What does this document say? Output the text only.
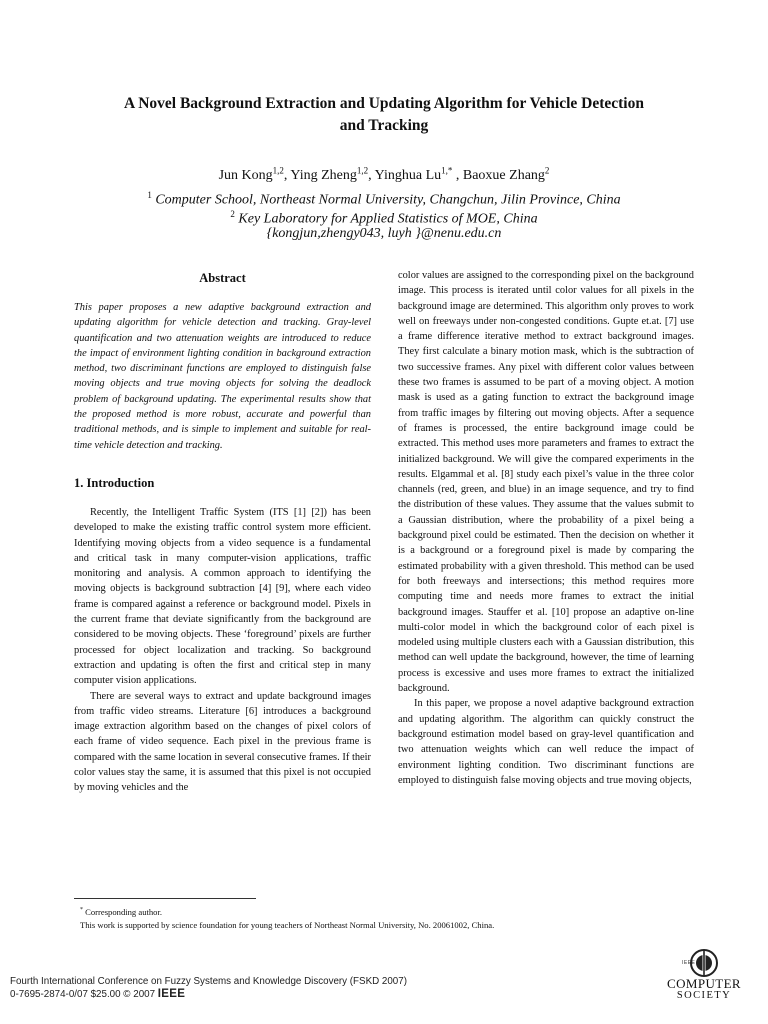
A Novel Background Extraction and Updating Algorithm for Vehicle Detection
and Tracking
Jun Kong$^{1,2}$, Ying Zheng$^{1,2}$, Yinghua $Lu^{1,*}$ , Baoxue Zhang$^2$
$^1$ Computer School, Northeast Normal University, Changchun, Jilin Province, China
$^2$ Key Laboratory for Applied Statistics of MOE, China
{kongjun,zhengy043, luyh }@nenu.edu.cn
Abstract

This paper proposes a new adaptive background extraction and updating algorithm for vehicle detection and tracking. Gray-level quantification and two attenuation weights are introduced to reduce the impact of environment lighting condition in background extraction method, two discriminant functions are employed to distinguish false moving objects and true moving objects for solving the deadlock problem of background updating. The experimental results show that the proposed method is more robust, accurate and powerful than traditional methods, and is simple to implement and suitable for real-time vehicle detection and tracking.

1. Introduction

Recently, the Intelligent Traffic System (ITS [1] [2]) has been developed to make the existing traffic control system more efficient. Identifying moving objects from a video sequence is a fundamental and critical task in many computer-vision applications, traffic monitoring and analysis. A common approach to identifying the moving objects is background subtraction [4] [9], where each video frame is compared against a reference or background model. Pixels in the current frame that deviate significantly from the background are considered to be moving objects. These ‘foreground’ pixels are further processed for object localization and tracking. So background extraction and updating is often the first and critical step in many computer vision applications.

There are several ways to extract and update background images from traffic video streams. Literature [6] introduces a background image extraction algorithm based on the changes of pixel colors of each frame of video sequence. Each pixel in the previous frame is compared with the same location in several consecutive frames. If their color values stay the same, it is assumed that this pixel is not occupied by moving vehicles and the

color values are assigned to the corresponding pixel on the background image. This process is iterated until color values for all pixels in the background image are determined. This algorithm only proves to work well on freeways under non-congested conditions. Gupte et.at. [7] use a frame difference iterative method to extract background images. They first calculate a binary motion mask, which is the subtraction of two successive frames. Any pixel with different color values between these two frames is assumed to be part of a moving object. A motion mask is used as a gating function to extract the background image from traffic images by filtering out moving objects. After a sequence of frames is processed, the entire background image could be extracted. This method uses more parameters and frames to extract the initialized background. We will give the compared experiments in the results. Elgammal et al. [8] study each pixel’s value in the three color channels (red, green, and blue) in an image sequence, and try to find the distribution of these values. They assume that the values submit to a Gaussian distribution, where the probability of a pixel being a background pixel could be estimated. Then the decision on whether it is a background or a foreground pixel is made by comparing the estimated probability with a given threshold. This method can be used for both freeways and intersections; this method requires more computing time and needs more frames to extract the initial background images. Stauffer et al. [10] propose an adaptive on-line multi-color model in which the background color of each pixel is modeled using multiple clusters each with a Gaussian distribution, this method can well update the background, however, the time of learning process is excessive and uses more frames to extract the initialized background.

In this paper, we propose a novel adaptive background extraction and updating algorithm. The algorithm can quickly construct the background estimation model based on gray-level quantification and two attenuation weights which can well reduce the impact of environment lighting condition. Two discriminant functions are employed to distinguish false moving objects and true moving objects,

* Corresponding author.
This work is supported by science foundation for young teachers of Northeast Normal University, No. 20061002, China.
Fourth International Conference on Fuzzy Systems and Knowledge Discovery (FSKD 2007)
0-7695-2874-0/07 $25.00 © 2007 IEEE
IEEE
COMPUTER
SOCIETY
